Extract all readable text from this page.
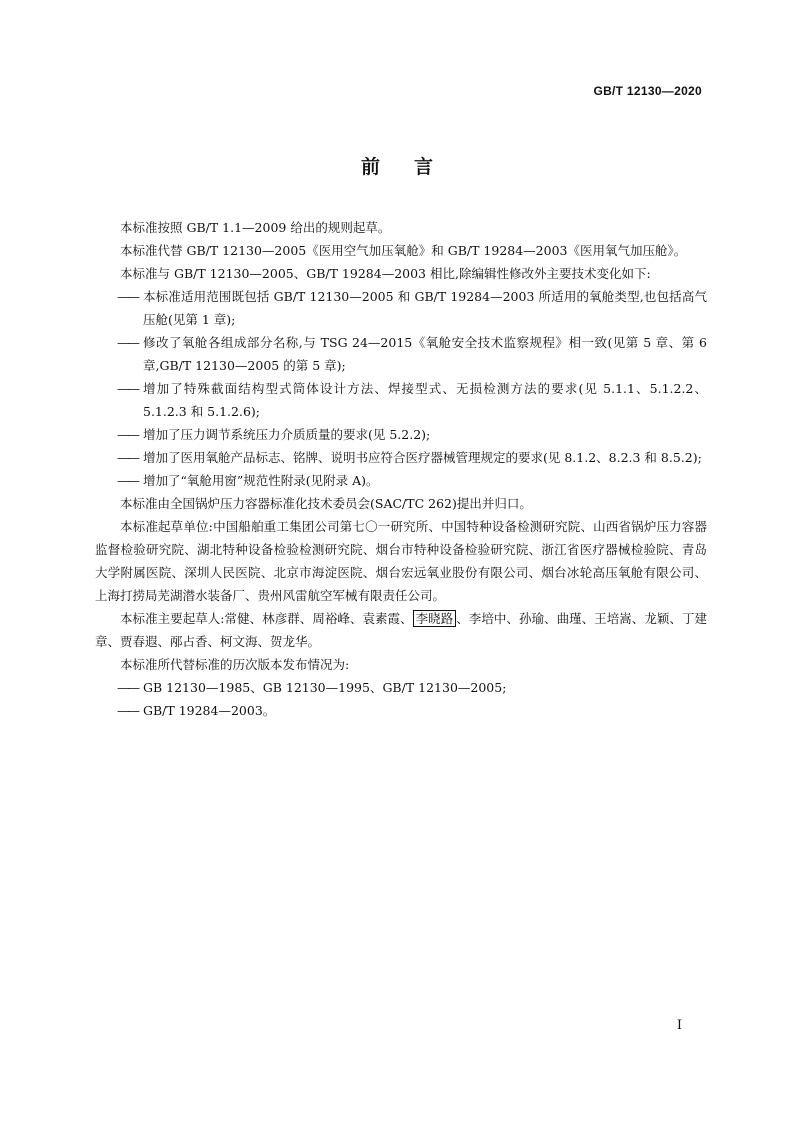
GB/T 12130—2020
前言

本标准按照 GB/T 1.1—2009 给出的规则起草。

本标准代替 GB/T 12130—2005《医用空气加压氧舱》和 GB/T 19284—2003《医用氧气加压舱》。

本标准与 GB/T 12130—2005、GB/T 19284—2003 相比,除编辑性修改外主要技术变化如下:

—— 本标准适用范围既包括 GB/T 12130—2005 和 GB/T 19284—2003 所适用的氧舱类型,也包括高气压舱(见第 1 章);

—— 修改了氧舱各组成部分名称,与 TSG 24—2015《氧舱安全技术监察规程》相一致(见第 5 章、第 6 章,GB/T 12130—2005 的第 5 章);

—— 增加了特殊截面结构型式筒体设计方法、焊接型式、无损检测方法的要求(见 5.1.1、5.1.2.2、5.1.2.3 和 5.1.2.6);

—— 增加了压力调节系统压力介质质量的要求(见 5.2.2);

—— 增加了医用氧舱产品标志、铭牌、说明书应符合医疗器械管理规定的要求(见 8.1.2、8.2.3 和 8.5.2);

—— 增加了“氧舱用窗”规范性附录(见附录 A)。

本标准由全国锅炉压力容器标准化技术委员会(SAC/TC 262)提出并归口。

本标准起草单位:中国船舶重工集团公司第七〇一研究所、中国特种设备检测研究院、山西省锅炉压力容器监督检验研究院、湖北特种设备检验检测研究院、烟台市特种设备检验研究院、浙江省医疗器械检验院、青岛大学附属医院、深圳人民医院、北京市海淀医院、烟台宏远氧业股份有限公司、烟台冰轮高压氧舱有限公司、上海打捞局芜湖潜水装备厂、贵州风雷航空军械有限责任公司。

本标准主要起草人:常健、林彦群、周裕峰、袁素霞、 李晓路 、李培中、孙瑜、曲瑾、王培嵩、龙颖、丁建章、贾春遐、邴占香、柯文海、贺龙华。

本标准所代替标准的历次版本发布情况为:

—— GB 12130—1985、GB 12130—1995、GB/T 12130—2005;

—— GB/T 19284—2003。

I
